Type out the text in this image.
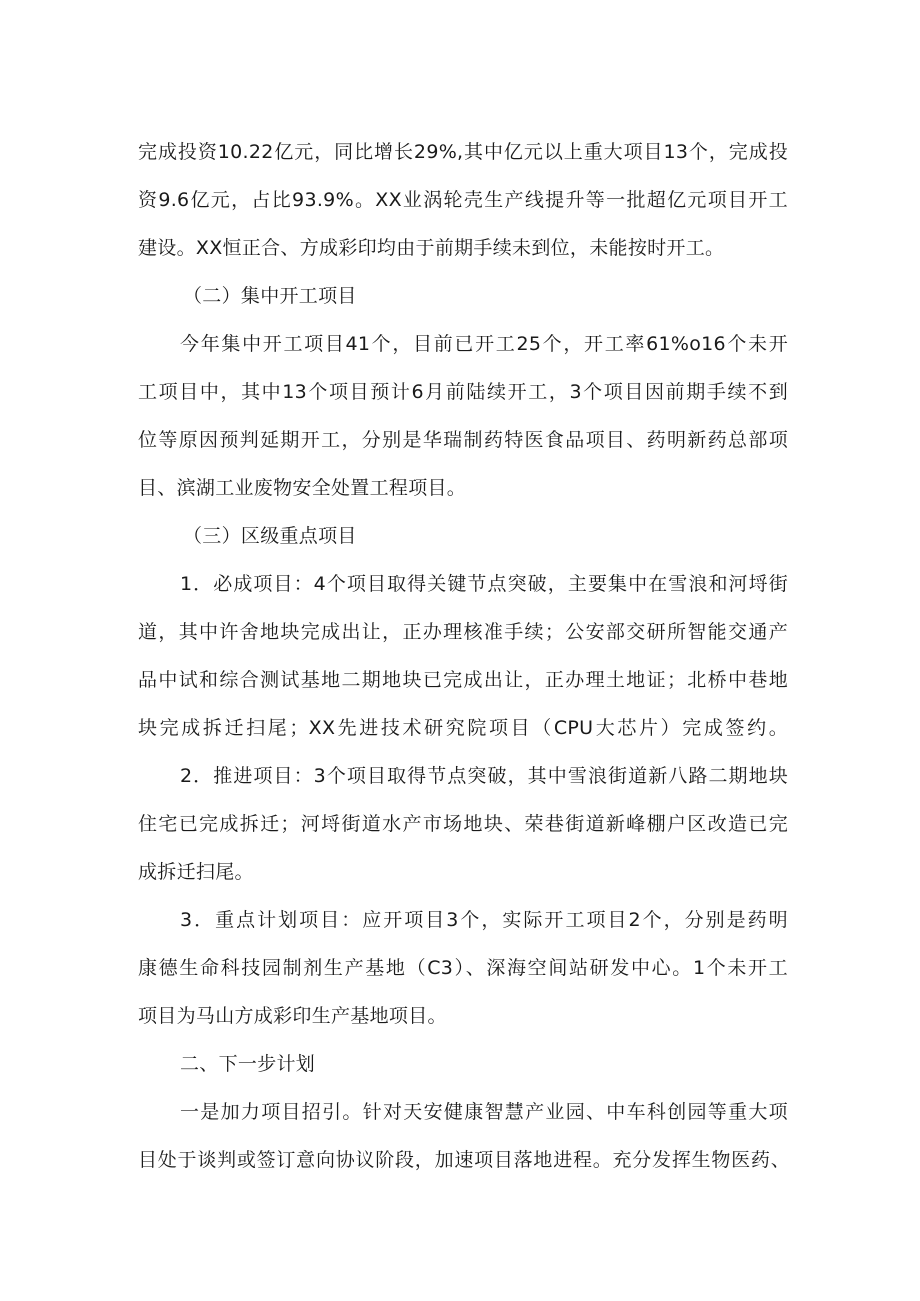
完成投资10.22亿元，同比增长29%,其中亿元以上重大项目13个，完成投
资9.6亿元，占比93.9%。XX业涡轮壳生产线提升等一批超亿元项目开工
建设。XX恒正合、方成彩印均由于前期手续未到位，未能按时开工。
（二）集中开工项目
今年集中开工项目41个，目前已开工25个，开工率61%o16个未开
工项目中，其中13个项目预计6月前陆续开工，3个项目因前期手续不到
位等原因预判延期开工，分别是华瑞制药特医食品项目、药明新药总部项
目、滨湖工业废物安全处置工程项目。
（三）区级重点项目
1．必成项目：4个项目取得关键节点突破，主要集中在雪浪和河埒街
道，其中许舍地块完成出让，正办理核准手续；公安部交研所智能交通产
品中试和综合测试基地二期地块已完成出让，正办理土地证；北桥中巷地
块完成拆迁扫尾；XX先进技术研究院项目（CPU大芯片）完成签约。
2．推进项目：3个项目取得节点突破，其中雪浪街道新八路二期地块
住宅已完成拆迁；河埒街道水产市场地块、荣巷街道新峰棚户区改造已完
成拆迁扫尾。
3．重点计划项目：应开项目3个，实际开工项目2个，分别是药明
康德生命科技园制剂生产基地（C3）、深海空间站研发中心。1个未开工
项目为马山方成彩印生产基地项目。
二、下一步计划
一是加力项目招引。针对天安健康智慧产业园、中车科创园等重大项
目处于谈判或签订意向协议阶段，加速项目落地进程。充分发挥生物医药、
